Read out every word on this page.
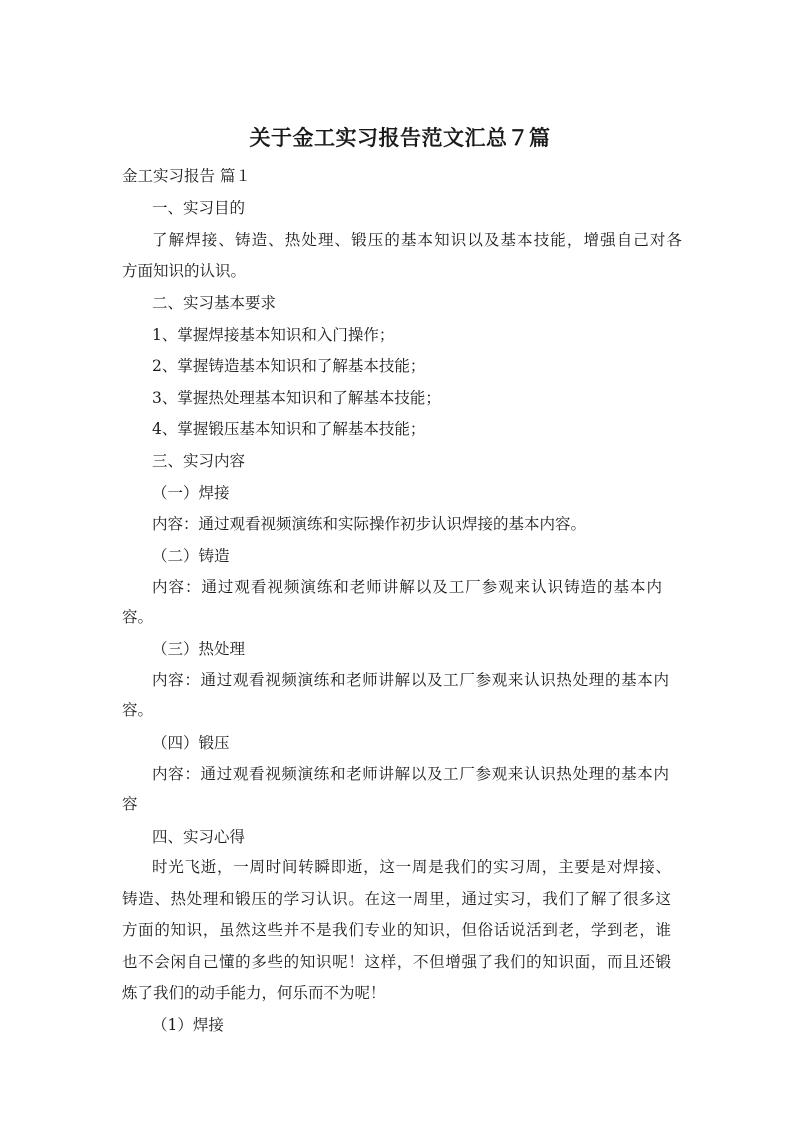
关于金工实习报告范文汇总７篇
金工实习报告 篇１
一、实习目的
了解焊接、铸造、热处理、锻压的基本知识以及基本技能，增强自己对各
方面知识的认识。
二、实习基本要求
1、掌握焊接基本知识和入门操作；
2、掌握铸造基本知识和了解基本技能；
3、掌握热处理基本知识和了解基本技能；
4、掌握锻压基本知识和了解基本技能；
三、实习内容
（一）焊接
内容：通过观看视频演练和实际操作初步认识焊接的基本内容。
（二）铸造
内容：通过观看视频演练和老师讲解以及工厂参观来认识铸造的基本内
容。
（三）热处理
内容：通过观看视频演练和老师讲解以及工厂参观来认识热处理的基本内
容。
（四）锻压
内容：通过观看视频演练和老师讲解以及工厂参观来认识热处理的基本内
容
四、实习心得
时光飞逝，一周时间转瞬即逝，这一周是我们的实习周，主要是对焊接、
铸造、热处理和锻压的学习认识。在这一周里，通过实习，我们了解了很多这
方面的知识，虽然这些并不是我们专业的知识，但俗话说活到老，学到老，谁
也不会闲自己懂的多些的知识呢！这样，不但增强了我们的知识面，而且还锻
炼了我们的动手能力，何乐而不为呢！
（1）焊接
